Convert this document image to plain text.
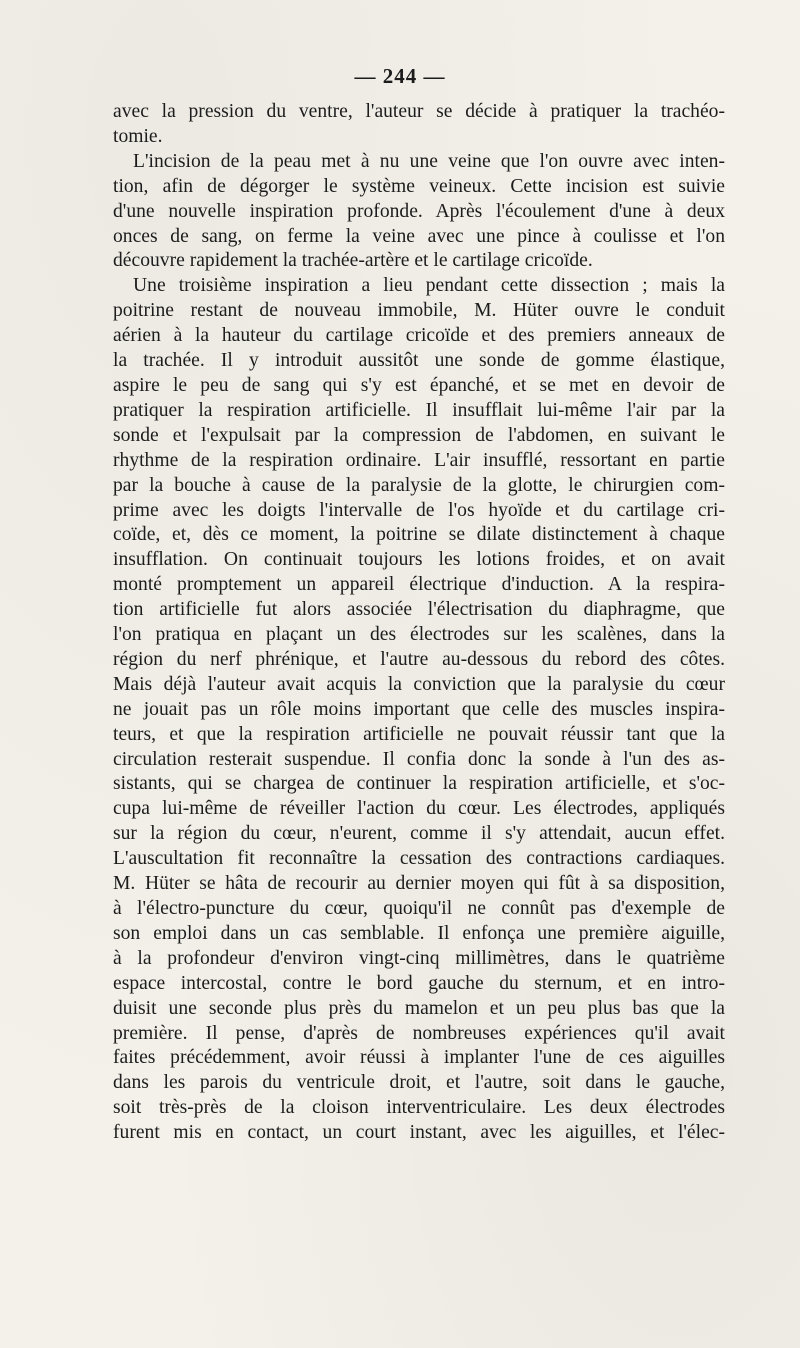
— 244 —
avec la pression du ventre, l'auteur se décide à pratiquer la trachéo-
tomie.
L'incision de la peau met à nu une veine que l'on ouvre avec inten-
tion, afin de dégorger le système veineux. Cette incision est suivie
d'une nouvelle inspiration profonde. Après l'écoulement d'une à deux
onces de sang, on ferme la veine avec une pince à coulisse et l'on
découvre rapidement la trachée-artère et le cartilage cricoïde.
Une troisième inspiration a lieu pendant cette dissection ; mais la
poitrine restant de nouveau immobile, M. Hüter ouvre le conduit
aérien à la hauteur du cartilage cricoïde et des premiers anneaux de
la trachée. Il y introduit aussitôt une sonde de gomme élastique,
aspire le peu de sang qui s'y est épanché, et se met en devoir de
pratiquer la respiration artificielle. Il insufflait lui-même l'air par la
sonde et l'expulsait par la compression de l'abdomen, en suivant le
rhythme de la respiration ordinaire. L'air insufflé, ressortant en partie
par la bouche à cause de la paralysie de la glotte, le chirurgien com-
prime avec les doigts l'intervalle de l'os hyoïde et du cartilage cri-
coïde, et, dès ce moment, la poitrine se dilate distinctement à chaque
insufflation. On continuait toujours les lotions froides, et on avait
monté promptement un appareil électrique d'induction. A la respira-
tion artificielle fut alors associée l'électrisation du diaphragme, que
l'on pratiqua en plaçant un des électrodes sur les scalènes, dans la
région du nerf phrénique, et l'autre au-dessous du rebord des côtes.
Mais déjà l'auteur avait acquis la conviction que la paralysie du cœur
ne jouait pas un rôle moins important que celle des muscles inspira-
teurs, et que la respiration artificielle ne pouvait réussir tant que la
circulation resterait suspendue. Il confia donc la sonde à l'un des as-
sistants, qui se chargea de continuer la respiration artificielle, et s'oc-
cupa lui-même de réveiller l'action du cœur. Les électrodes, appliqués
sur la région du cœur, n'eurent, comme il s'y attendait, aucun effet.
L'auscultation fit reconnaître la cessation des contractions cardiaques.
M. Hüter se hâta de recourir au dernier moyen qui fût à sa disposition,
à l'électro-puncture du cœur, quoiqu'il ne connût pas d'exemple de
son emploi dans un cas semblable. Il enfonça une première aiguille,
à la profondeur d'environ vingt-cinq millimètres, dans le quatrième
espace intercostal, contre le bord gauche du sternum, et en intro-
duisit une seconde plus près du mamelon et un peu plus bas que la
première. Il pense, d'après de nombreuses expériences qu'il avait
faites précédemment, avoir réussi à implanter l'une de ces aiguilles
dans les parois du ventricule droit, et l'autre, soit dans le gauche,
soit très-près de la cloison interventriculaire. Les deux électrodes
furent mis en contact, un court instant, avec les aiguilles, et l'élec-
